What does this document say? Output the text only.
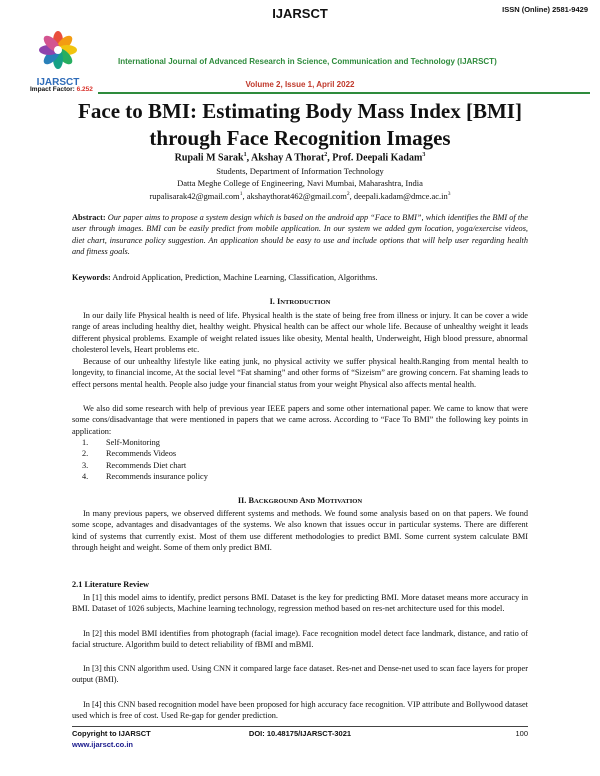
IJARSCT	ISSN (Online) 2581-9429
IJARSCT
International Journal of Advanced Research in Science, Communication and Technology (IJARSCT)
Impact Factor: 6.252
Volume 2, Issue 1, April 2022
Face to BMI: Estimating Body Mass Index [BMI]
through Face Recognition Images
Rupali M Sarak$^1$, Akshay A Thorat$^2$, Prof. Deepali Kadam$^3$
Students, Department of Information Technology
Datta Meghe College of Engineering, Navi Mumbai, Maharashtra, India
rupalisarak42@gmail.com$^1$, akshaythorat462@gmail.com$^2$, $deepali.kadam@dmce.ac.in^3$
Abstract: Our paper aims to propose a system design which is based on the android app “Face to BMI”, which identifies the BMI of the user through images. BMI can be easily predict from mobile application. In our system we added gym location, yoga/exercise videos, diet chart, insurance policy suggestion. An application should be easy to use and include options that will help user regarding health and fitness goals.
Keywords: Android Application, Prediction, Machine Learning, Classification, Algorithms.
I. INTRODUCTION
In our daily life Physical health is need of life. Physical health is the state of being free from illness or injury. It can be cover a wide range of areas including healthy diet, healthy weight. Physical health can be affect our whole life. Because of unhealthy weight it leads different physical problems. Example of weight related issues like obesity, Mental health, Underweight, High blood pressure, abnormal cholesterol levels, Heart problems etc.
Because of our unhealthy lifestyle like eating junk, no physical activity we suffer physical health.Ranging from mental health to longevity, to financial income, At the social level “Fat shaming” and other forms of “Sizeism” are growing concern. Fat shaming leads to effect persons mental health. People also judge your financial status from your weight Physical also affects mental health.
We also did some research with help of previous year IEEE papers and some other international paper. We came to know that were some cons/disadvantage that were mentioned in papers that we came across. According to “Face To BMI” the following key points in application:
1. Self-Monitoring
2. Recommends Videos
3. Recommends Diet chart
4. Recommends insurance policy
II. BACKGROUND AND MOTIVATION
In many previous papers, we observed different systems and methods. We found some analysis based on on that papers. We found some scope, advantages and disadvantages of the systems. We also known that issues occur in particular systems. There are different kind of systems that currently exist. Most of them use different methodologies to predict BMI. Some current system calculate BMI through height and weight. Some of them only predict BMI.
2.1 Literature Review
In [1] this model aims to identify, predict persons BMI. Dataset is the key for predicting BMI. More dataset means more accuracy in BMI. Dataset of 1026 subjects, Machine learning technology, regression method based on res-net architecture used for this model.
In [2] this model BMI identifies from photograph (facial image). Face recognition model detect face landmark, distance, and ratio of facial structure. Algorithm build to detect reliability of fBMI and mBMI.
In [3] this CNN algorithm used. Using CNN it compared large face dataset. Res-net and Dense-net used to scan face layers for proper output (BMI).
In [4] this CNN based recognition model have been proposed for high accuracy face recognition. VIP attribute and Bollywood dataset used which is free of cost. Used Re-gap for gender prediction.
Copyright to IJARSCT	DOI: 10.48175/IJARSCT-3021	100
www.ijarsct.co.in
